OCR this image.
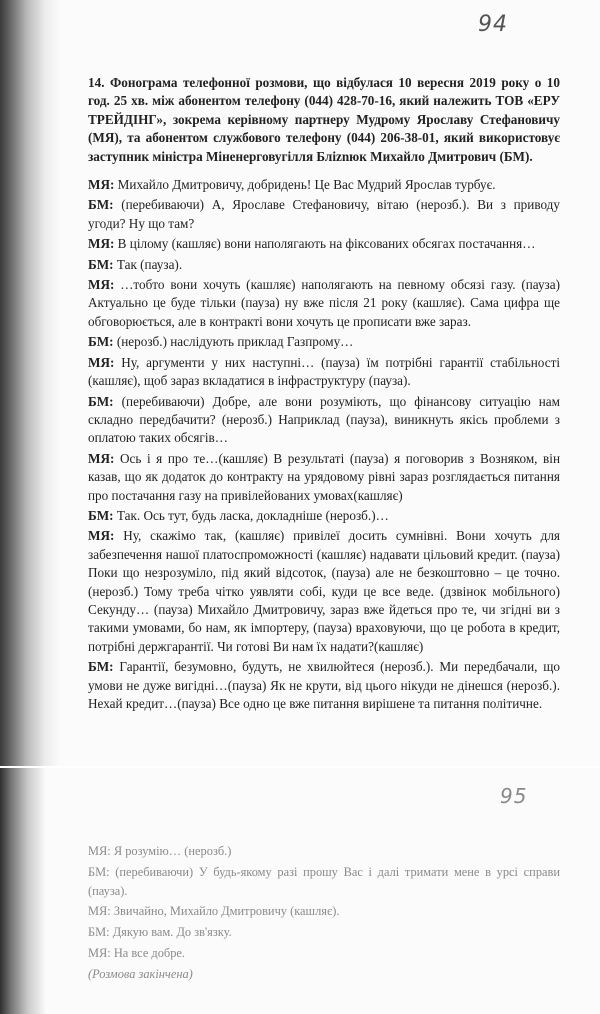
94

14. Фонограма телефонної розмови, що відбулася 10 вересня 2019 року о 10 год. 25 хв. між абонентом телефону (044) 428-70-16, який належить ТОВ «ЕРУ ТРЕЙДІНГ», зокрема керівному партнеру Мудрому Ярославу Стефановичу (МЯ), та абонентом службового телефону (044) 206-38-01, який використовує заступник міністра Міненерговугілля Бліznюк Михайло Дмитрович (БМ).

МЯ: Михайло Дмитровичу, добридень! Це Вас Мудрий Ярослав турбує.

БМ: (перебиваючи) А, Ярославе Стефановичу, вітаю (нерозб.). Ви з приводу угоди? Ну що там?

МЯ: В цілому (кашляє) вони наполягають на фіксованих обсягах постачання…

БМ: Так (пауза).

МЯ: …тобто вони хочуть (кашляє) наполягають на певному обсязі газу. (пауза) Актуально це буде тільки (пауза) ну вже після 21 року (кашляє). Сама цифра ще обговорюється, але в контракті вони хочуть це прописати вже зараз.

БМ: (нерозб.) наслідують приклад Газпрому…

МЯ: Ну, аргументи у них наступні… (пауза) їм потрібні гарантії стабільності (кашляє), щоб зараз вкладатися в інфраструктуру (пауза).

БМ: (перебиваючи) Добре, але вони розуміють, що фінансову ситуацію нам складно передбачити? (нерозб.) Наприклад (пауза), виникнуть якісь проблеми з оплатою таких обсягів…

МЯ: Ось і я про те…(кашляє) В результаті (пауза) я поговорив з Возняком, він казав, що як додаток до контракту на урядовому рівні зараз розглядається питання про постачання газу на привілейованих умовах(кашляє)

БМ: Так. Ось тут, будь ласка, докладніше (нерозб.)…

МЯ: Ну, скажімо так, (кашляє) привілеї досить сумнівні. Вони хочуть для забезпечення нашої платоспроможності (кашляє) надавати цільовий кредит. (пауза) Поки що незрозуміло, під який відсоток, (пауза) але не безкоштовно – це точно. (нерозб.) Тому треба чітко уявляти собі, куди це все веде. (дзвінок мобільного) Секунду… (пауза) Михайло Дмитровичу, зараз вже йдеться про те, чи згідні ви з такими умовами, бо нам, як імпортеру, (пауза) враховуючи, що це робота в кредит, потрібні держгарантії. Чи готові Ви нам їх надати?(кашляє)

БМ: Гарантії, безумовно, будуть, не хвилюйтеся (нерозб.). Ми передбачали, що умови не дуже вигідні…(пауза) Як не крути, від цього нікуди не дінешся (нерозб.). Нехай кредит…(пауза) Все одно це вже питання вирішене та питання політичне.

95

МЯ: Я розумію… (нерозб.)

БМ: (перебиваючи) У будь-якому разі прошу Вас і далі тримати мене в урсі справи (пауза).

МЯ: Звичайно, Михайло Дмитровичу (кашляє).

БМ: Дякую вам. До зв'язку.

МЯ: На все добре.

(Розмова закінчена)
